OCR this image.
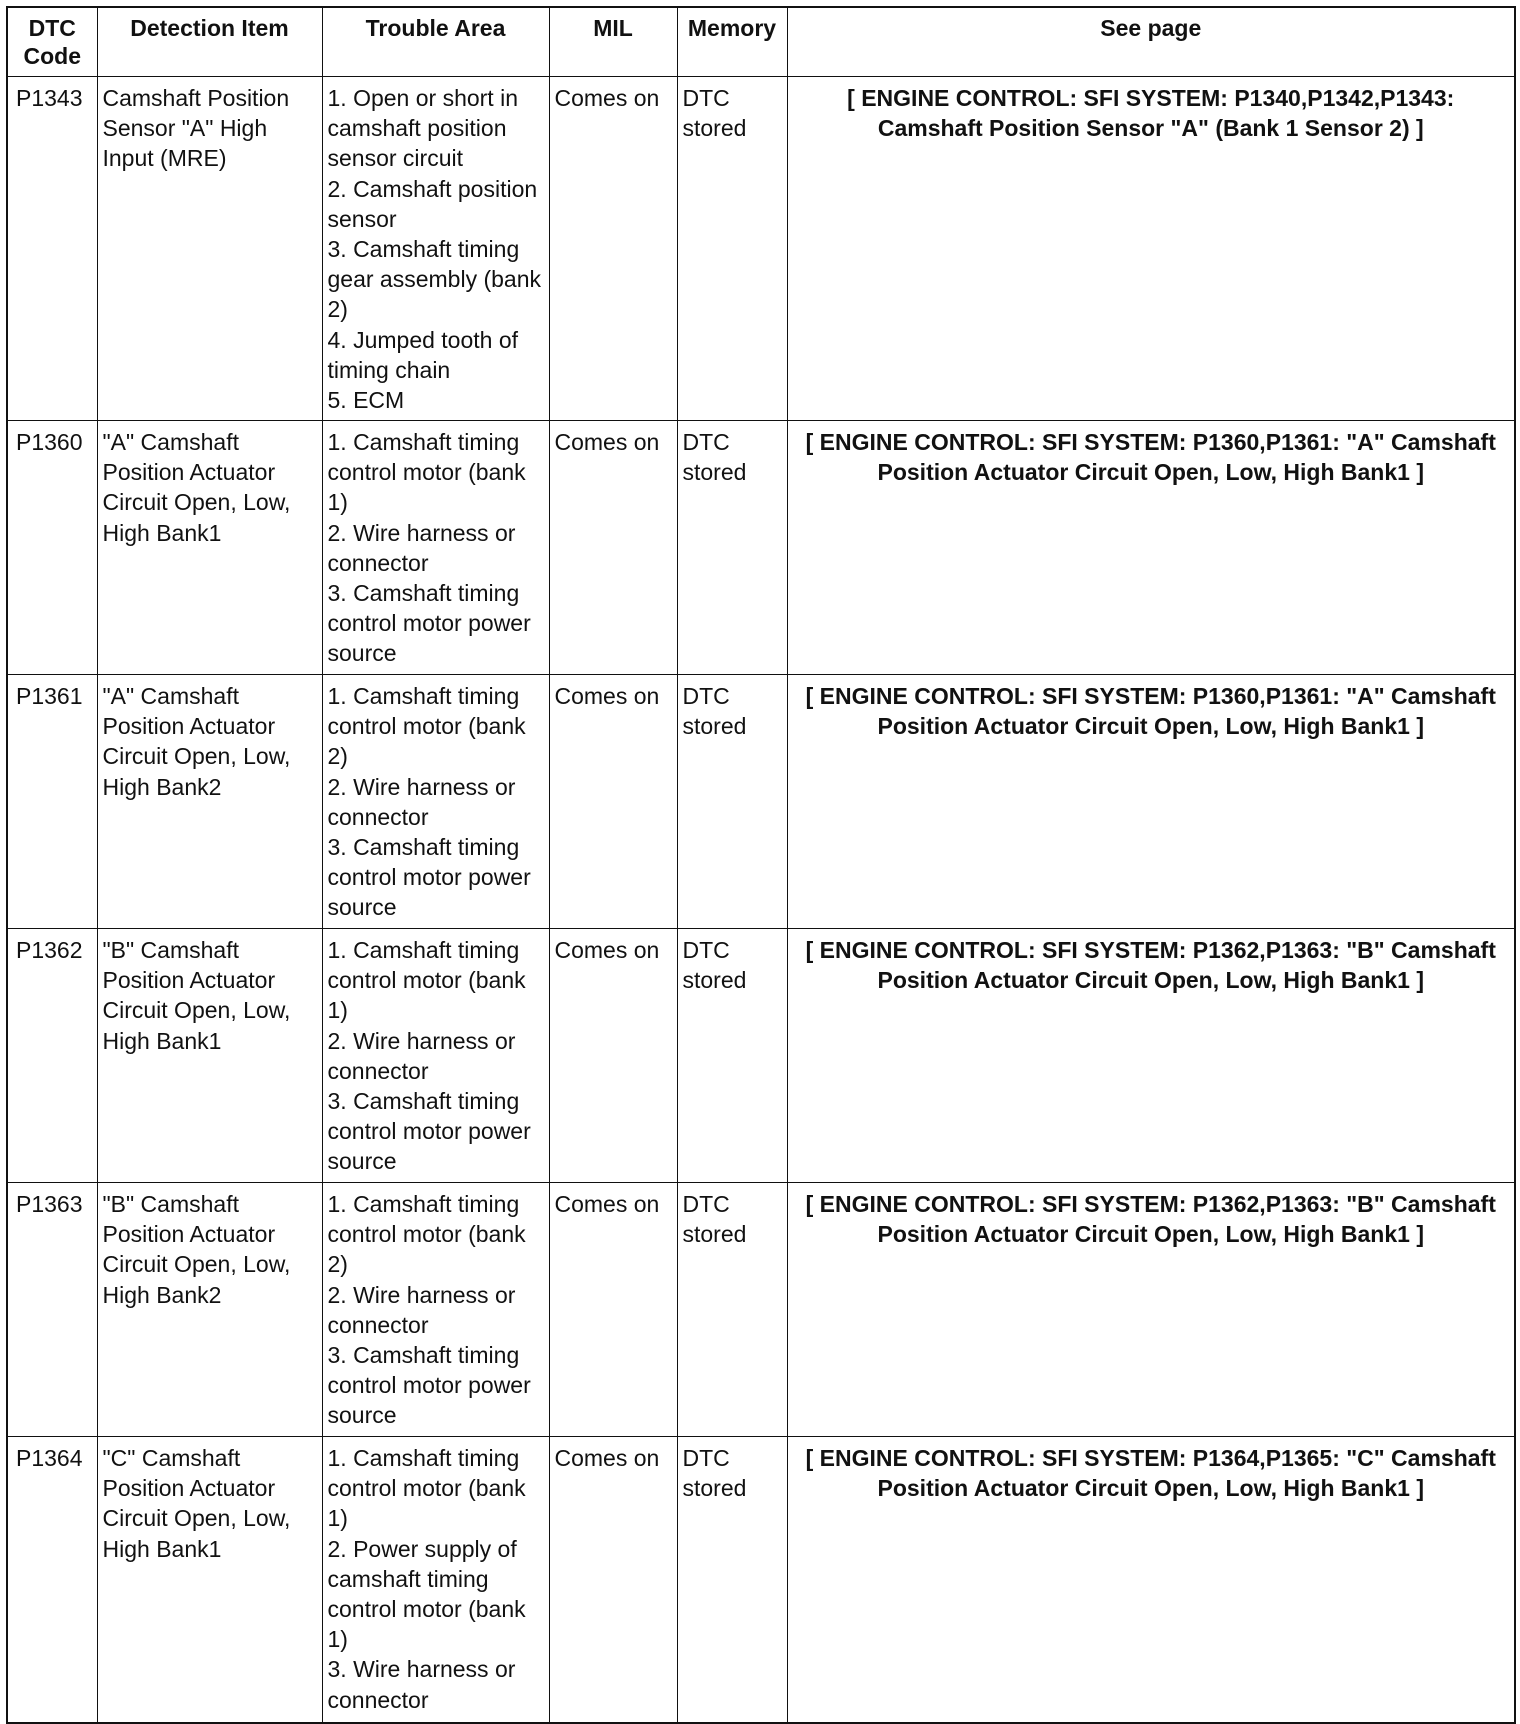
DTC Code	Detection Item	Trouble Area	MIL	Memory	See page
P1343	Camshaft Position Sensor "A" High Input (MRE)	1. Open or short in camshaft position sensor circuit
2. Camshaft position sensor
3. Camshaft timing gear assembly (bank 2)
4. Jumped tooth of timing chain
5. ECM	Comes on	DTC stored	[ ENGINE CONTROL: SFI SYSTEM: P1340,P1342,P1343: Camshaft Position Sensor "A" (Bank 1 Sensor 2) ]
P1360	"A" Camshaft Position Actuator Circuit Open, Low, High Bank1	1. Camshaft timing control motor (bank 1)
2. Wire harness or connector
3. Camshaft timing control motor power source	Comes on	DTC stored	[ ENGINE CONTROL: SFI SYSTEM: P1360,P1361: "A" Camshaft Position Actuator Circuit Open, Low, High Bank1 ]
P1361	"A" Camshaft Position Actuator Circuit Open, Low, High Bank2	1. Camshaft timing control motor (bank 2)
2. Wire harness or connector
3. Camshaft timing control motor power source	Comes on	DTC stored	[ ENGINE CONTROL: SFI SYSTEM: P1360,P1361: "A" Camshaft Position Actuator Circuit Open, Low, High Bank1 ]
P1362	"B" Camshaft Position Actuator Circuit Open, Low, High Bank1	1. Camshaft timing control motor (bank 1)
2. Wire harness or connector
3. Camshaft timing control motor power source	Comes on	DTC stored	[ ENGINE CONTROL: SFI SYSTEM: P1362,P1363: "B" Camshaft Position Actuator Circuit Open, Low, High Bank1 ]
P1363	"B" Camshaft Position Actuator Circuit Open, Low, High Bank2	1. Camshaft timing control motor (bank 2)
2. Wire harness or connector
3. Camshaft timing control motor power source	Comes on	DTC stored	[ ENGINE CONTROL: SFI SYSTEM: P1362,P1363: "B" Camshaft Position Actuator Circuit Open, Low, High Bank1 ]
P1364	"C" Camshaft Position Actuator Circuit Open, Low, High Bank1	1. Camshaft timing control motor (bank 1)
2. Power supply of camshaft timing control motor (bank 1)
3. Wire harness or connector	Comes on	DTC stored	[ ENGINE CONTROL: SFI SYSTEM: P1364,P1365: "C" Camshaft Position Actuator Circuit Open, Low, High Bank1 ]
